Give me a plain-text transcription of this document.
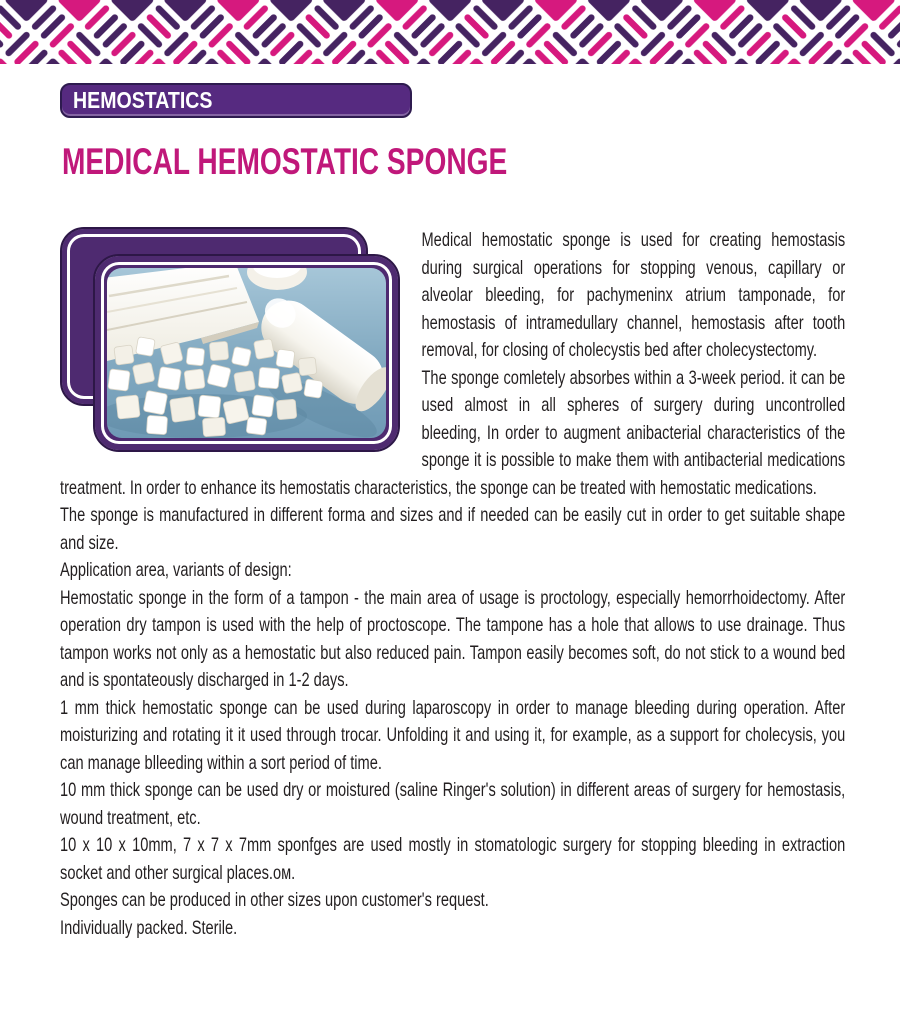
HEMOSTATICS
MEDICAL HEMOSTATIC SPONGE

Medical hemostatic sponge is used for creating hemostasis during surgical operations for stopping venous, capillary or alveolar bleeding, for pachymeninx atrium tamponade, for hemostasis of intramedullary channel, hemostasis after tooth removal, for closing of cholecystis bed after cholecystectomy.

The sponge comletely absorbes within a 3-week period. it can be used almost in all spheres of surgery during uncontrolled bleeding, In order to augment anibacterial characteristics of the sponge it is possible to make them with antibacterial medications treatment. In order to enhance its hemostatis characteristics, the sponge can be treated with hemostatic medications.

The sponge is manufactured in different forma and sizes and if needed can be easily cut in order to get suitable shape and size.

Application area, variants of design:

Hemostatic sponge in the form of a tampon - the main area of usage is proctology, especially hemorrhoidectomy. After operation dry tampon is used with the help of proctoscope. The tampone has a hole that allows to use drainage. Thus tampon works not only as a hemostatic but also reduced pain. Tampon easily becomes soft, do not stick to a wound bed and is spontateously discharged in 1-2 days.

1 mm thick hemostatic sponge can be used during laparoscopy in order to manage bleeding during operation. After moisturizing and rotating it it used through trocar. Unfolding it and using it, for example, as a support for cholecysis, you can manage blleeding within a sort period of time.

10 mm thick sponge can be used dry or moistured (saline Ringer's solution) in different areas of surgery for hemostasis, wound treatment, etc.

10 x 10 x 10mm, 7 x 7 x 7mm sponfges are used mostly in stomatologic surgery for stopping bleeding in extraction socket and other surgical places.ом.

Sponges can be produced in other sizes upon customer's request.

Individually packed. Sterile.
